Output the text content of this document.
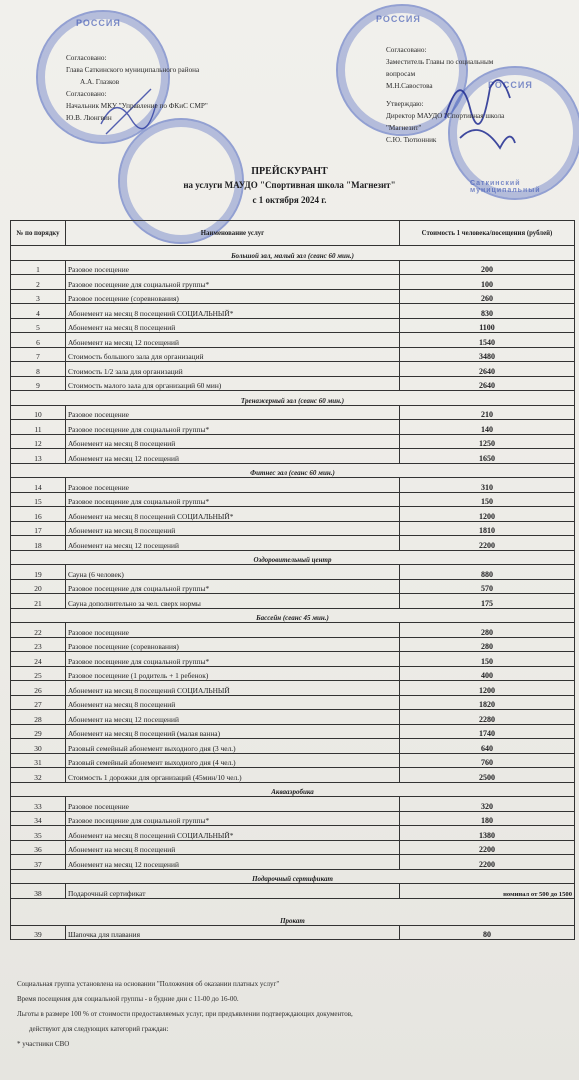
РОССИЯ	РОССИЯ
РОССИЯ
Саткинский муниципальный
Согласовано:
Глава Саткинского муниципального района
А.А. Глазков
Согласовано:
Начальник МКУ "Управление по ФКиС СМР"
Ю.В. Люнгвин
Согласовано:
Заместитель Главы по социальным
вопросам
М.Н.Савостова
Утверждаю:
Директор МАУДО "Спортивная школа
"Магнезит"
С.Ю. Тютюнник
ПРЕЙСКУРАНТ
на услуги МАУДО "Спортивная школа "Магнезит"
с 1 октября 2024 г.
№ по порядку	Наименование услуг	Стоимость 1 человека/посещения (рублей)
Большой зал, малый зал (сеанс 60 мин.)		
1	Разовое посещение	200
2	Разовое посещение для социальной группы*	100
3	Разовое посещение (соревнования)	260
4	Абонемент на месяц 8 посещений СОЦИАЛЬНЫЙ*	830
5	Абонемент на месяц 8 посещений	1100
6	Абонемент на месяц 12 посещений	1540
7	Стоимость большого зала для организаций	3480
8	Стоимость 1/2 зала для организаций	2640
9	Стоимость малого зала для организаций 60 мин)	2640
Тренажерный зал (сеанс 60 мин.)		
10	Разовое посещение	210
11	Разовое посещение для социальной группы*	140
12	Абонемент на месяц 8 посещений	1250
13	Абонемент на месяц 12 посещений	1650
Фитнес зал (сеанс 60 мин.)		
14	Разовое посещение	310
15	Разовое посещение для социальной группы*	150
16	Абонемент на месяц 8 посещений СОЦИАЛЬНЫЙ*	1200
17	Абонемент на месяц 8 посещений	1810
18	Абонемент на месяц 12 посещений	2200
Оздоровительный центр		
19	Сауна (6 человек)	880
20	Разовое посещение для социальной группы*	570
21	Сауна дополнительно за чел. сверх нормы	175
Бассейн (сеанс 45 мин.)		
22	Разовое посещение	280
23	Разовое посещение (соревнования)	280
24	Разовое посещение для социальной группы*	150
25	Разовое посещение (1 родитель + 1 ребенок)	400
26	Абонемент на месяц 8 посещений СОЦИАЛЬНЫЙ	1200
27	Абонемент на месяц 8 посещений	1820
28	Абонемент на месяц 12 посещений	2280
29	Абонемент на месяц 8 посещений (малая ванна)	1740
30	Разовый семейный абонемент выходного дня (3 чел.)	640
31	Разовый семейный абонемент выходного дня (4 чел.)	760
32	Стоимость 1 дорожки для организаций (45мин/10 чел.)	2500
Аквааэробика		
33	Разовое посещение	320
34	Разовое посещение для социальной группы*	180
35	Абонемент на месяц 8 посещений СОЦИАЛЬНЫЙ*	1380
36	Абонемент на месяц 8 посещений	2200
37	Абонемент на месяц 12 посещений	2200
Подарочный сертификат		
38	Подарочный сертификат	номинал от 500 до 1500
Прокат		
39	Шапочка для плавания	80
Социальная группа установлена на основании "Положения об оказании платных услуг"
Время посещения для социальной группы - в будние дни с 11-00 до 16-00.
Льготы в размере 100 % от стоимости предоставляемых услуг, при предъявлении подтверждающих документов,
действуют для следующих категорий граждан:
* участники СВО
